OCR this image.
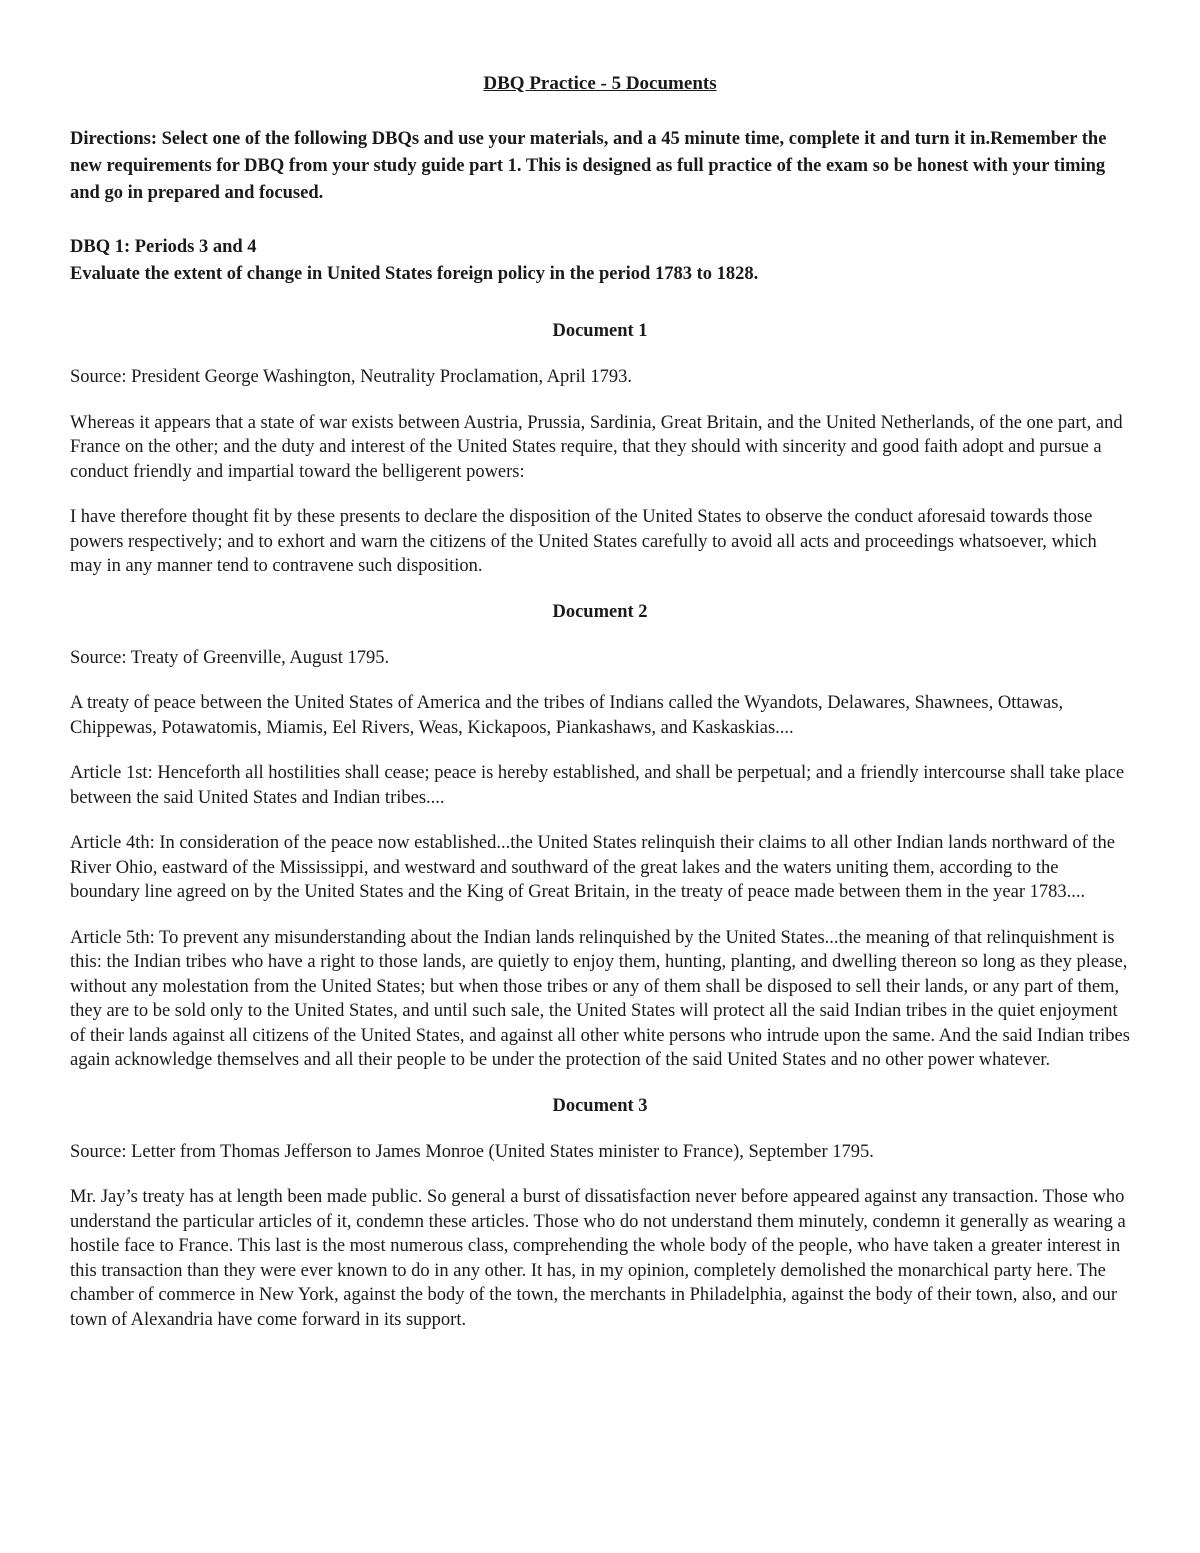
DBQ Practice - 5 Documents

Directions: Select one of the following DBQs and use your materials, and a 45 minute time, complete it and turn it in.Remember the new requirements for DBQ from your study guide part 1. This is designed as full practice of the exam so be honest with your timing and go in prepared and focused.

DBQ 1: Periods 3 and 4

Evaluate the extent of change in United States foreign policy in the period 1783 to 1828.

Document 1

Source: President George Washington, Neutrality Proclamation, April 1793.

Whereas it appears that a state of war exists between Austria, Prussia, Sardinia, Great Britain, and the United Netherlands, of the one part, and France on the other; and the duty and interest of the United States require, that they should with sincerity and good faith adopt and pursue a conduct friendly and impartial toward the belligerent powers:

I have therefore thought fit by these presents to declare the disposition of the United States to observe the conduct aforesaid towards those powers respectively; and to exhort and warn the citizens of the United States carefully to avoid all acts and proceedings whatsoever, which may in any manner tend to contravene such disposition.

Document 2

Source: Treaty of Greenville, August 1795.

A treaty of peace between the United States of America and the tribes of Indians called the Wyandots, Delawares, Shawnees, Ottawas, Chippewas, Potawatomis, Miamis, Eel Rivers, Weas, Kickapoos, Piankashaws, and Kaskaskias....

Article 1st: Henceforth all hostilities shall cease; peace is hereby established, and shall be perpetual; and a friendly intercourse shall take place between the said United States and Indian tribes....

Article 4th: In consideration of the peace now established...the United States relinquish their claims to all other Indian lands northward of the River Ohio, eastward of the Mississippi, and westward and southward of the great lakes and the waters uniting them, according to the boundary line agreed on by the United States and the King of Great Britain, in the treaty of peace made between them in the year 1783....

Article 5th: To prevent any misunderstanding about the Indian lands relinquished by the United States...the meaning of that relinquishment is this: the Indian tribes who have a right to those lands, are quietly to enjoy them, hunting, planting, and dwelling thereon so long as they please, without any molestation from the United States; but when those tribes or any of them shall be disposed to sell their lands, or any part of them, they are to be sold only to the United States, and until such sale, the United States will protect all the said Indian tribes in the quiet enjoyment of their lands against all citizens of the United States, and against all other white persons who intrude upon the same. And the said Indian tribes again acknowledge themselves and all their people to be under the protection of the said United States and no other power whatever.

Document 3

Source: Letter from Thomas Jefferson to James Monroe (United States minister to France), September 1795.

Mr. Jay’s treaty has at length been made public. So general a burst of dissatisfaction never before appeared against any transaction. Those who understand the particular articles of it, condemn these articles. Those who do not understand them minutely, condemn it generally as wearing a hostile face to France. This last is the most numerous class, comprehending the whole body of the people, who have taken a greater interest in this transaction than they were ever known to do in any other. It has, in my opinion, completely demolished the monarchical party here. The chamber of commerce in New York, against the body of the town, the merchants in Philadelphia, against the body of their town, also, and our town of Alexandria have come forward in its support.
